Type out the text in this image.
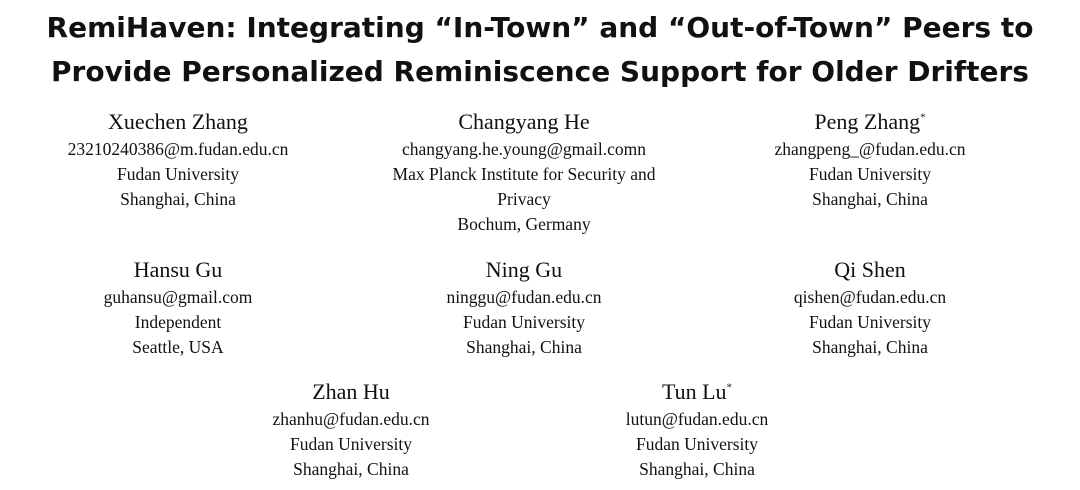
RemiHaven: Integrating “In-Town” and “Out-of-Town” Peers to
Provide Personalized Reminiscence Support for Older Drifters
Xuechen Zhang
23210240386@m.fudan.edu.cn
Fudan University
Shanghai, China
Changyang He
changyang.he.young@gmail.comn
Max Planck Institute for Security and
Privacy
Bochum, Germany
Peng Zhang*
zhangpeng_@fudan.edu.cn
Fudan University
Shanghai, China
Hansu Gu
guhansu@gmail.com
Independent
Seattle, USA
Ning Gu
ninggu@fudan.edu.cn
Fudan University
Shanghai, China
Qi Shen
qishen@fudan.edu.cn
Fudan University
Shanghai, China
Zhan Hu
zhanhu@fudan.edu.cn
Fudan University
Shanghai, China
Tun Lu*
lutun@fudan.edu.cn
Fudan University
Shanghai, China
